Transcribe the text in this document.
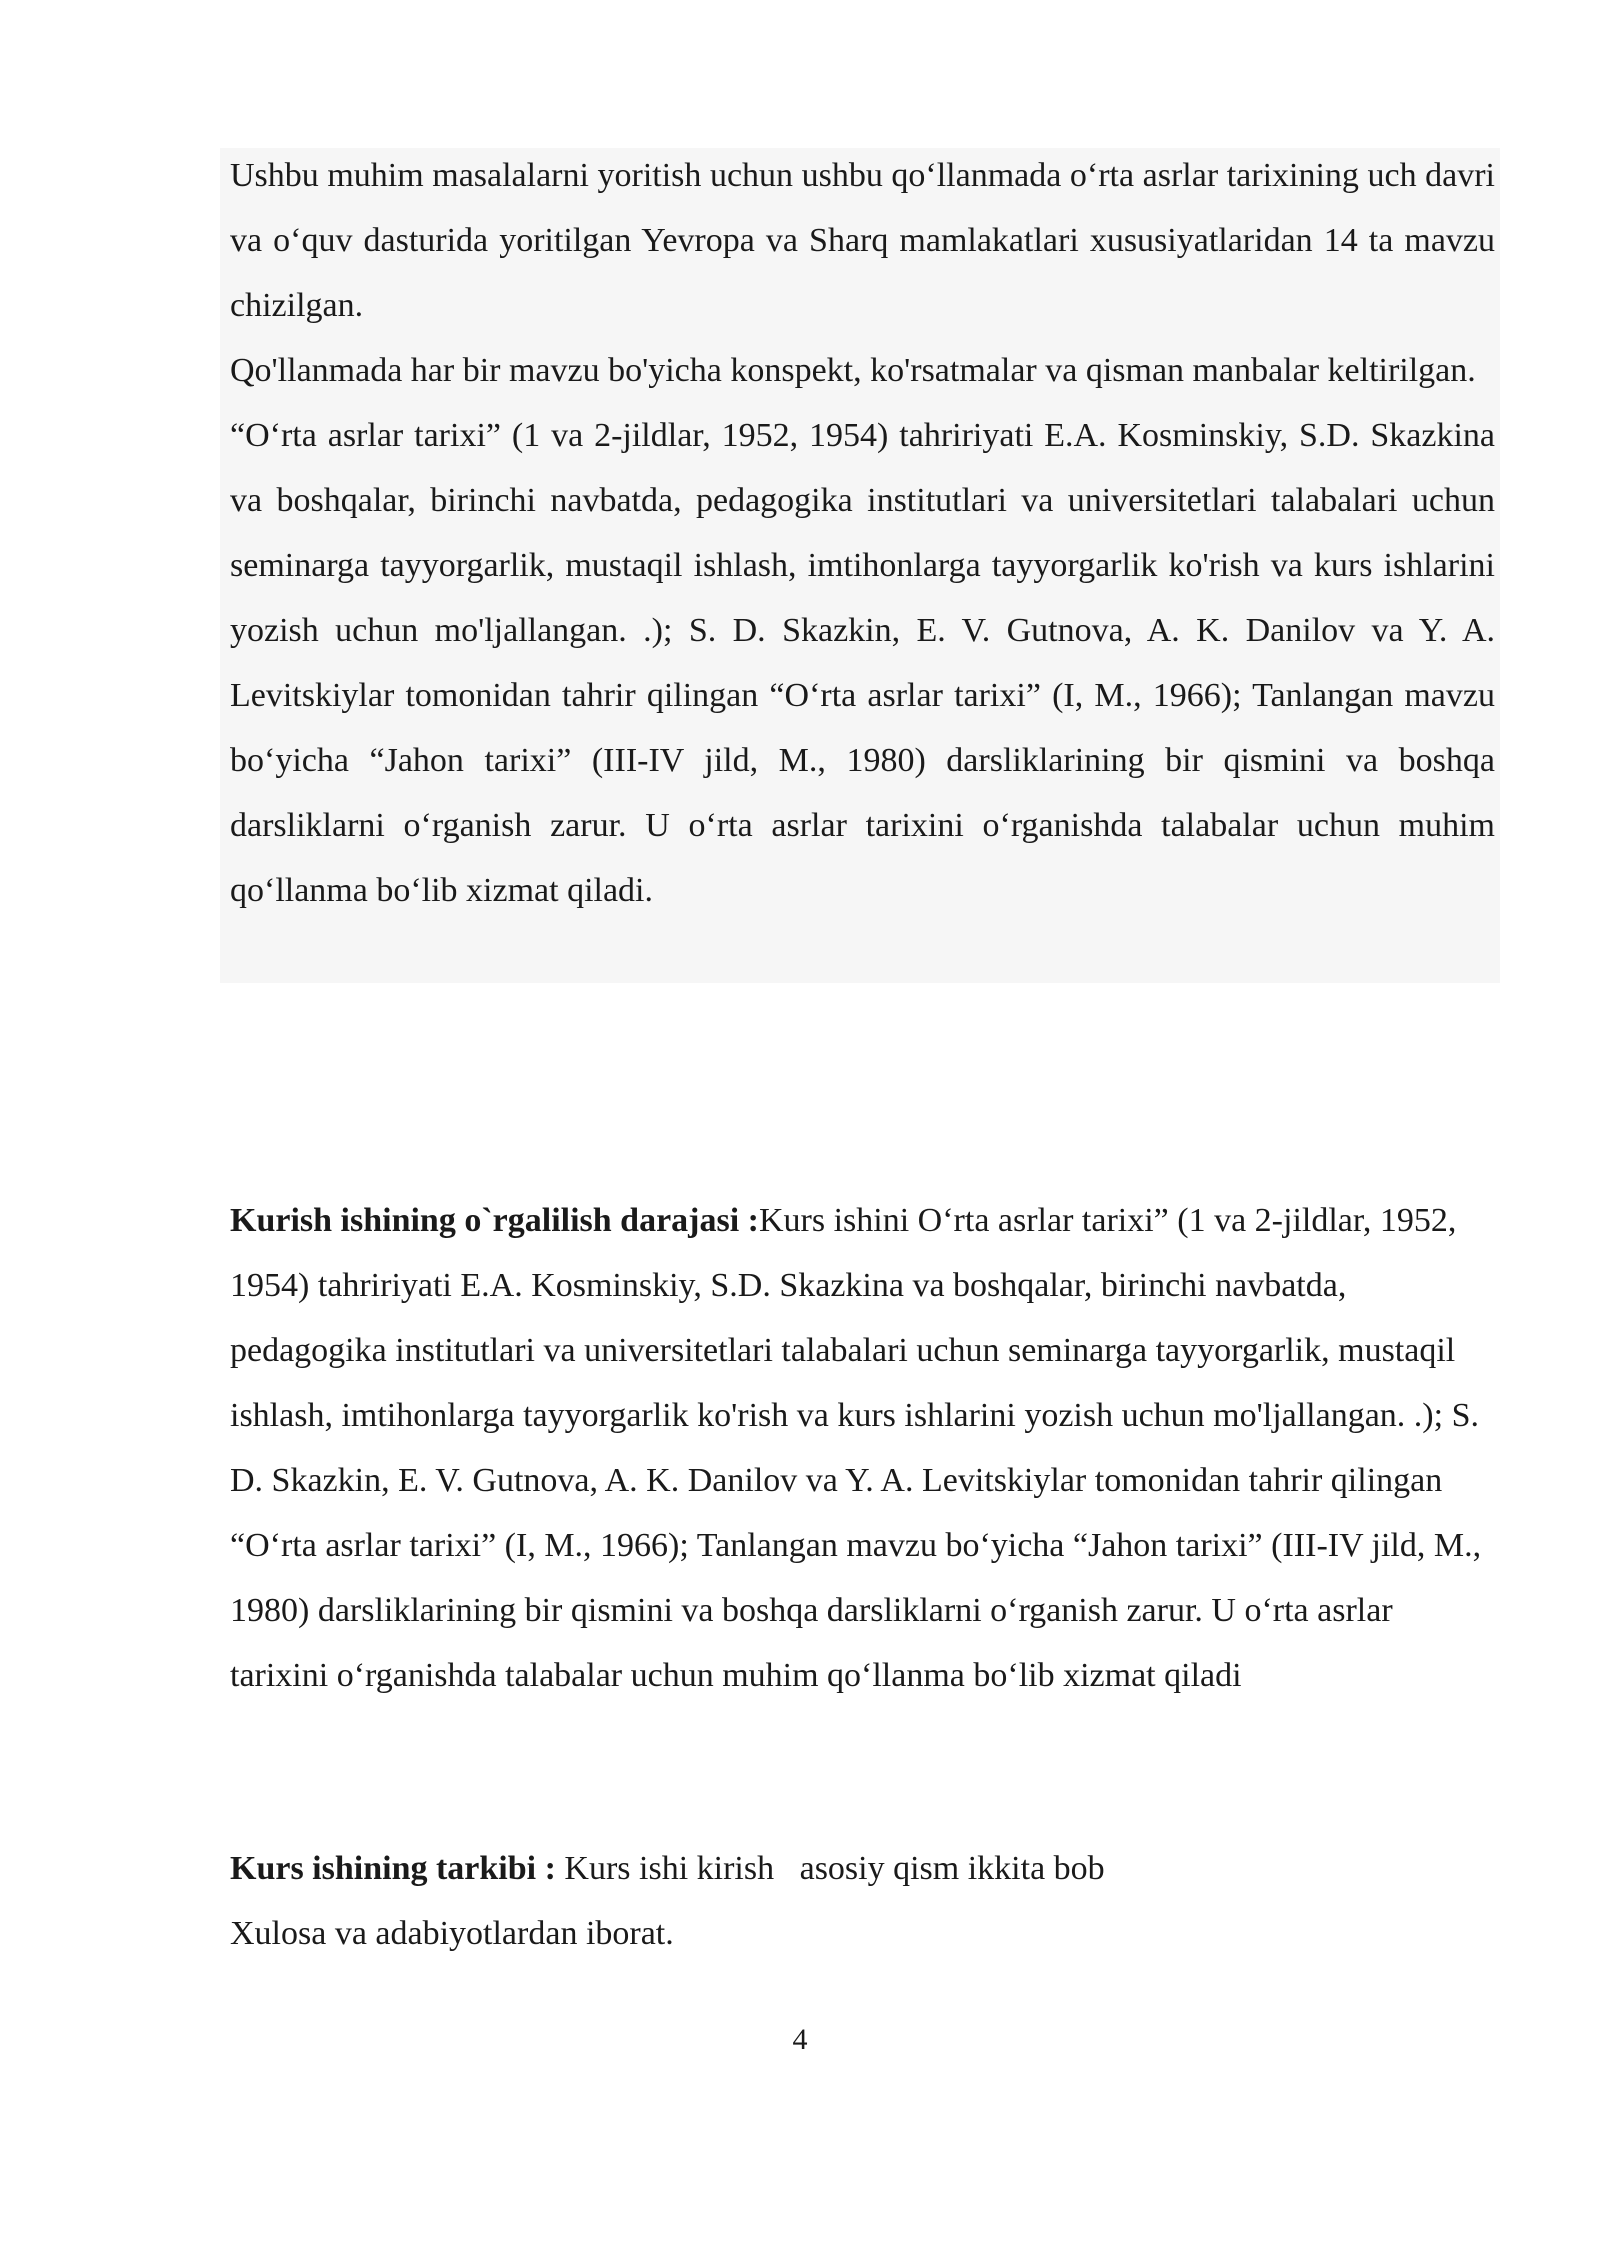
Ushbu muhim masalalarni yoritish uchun ushbu qo‘llanmada o‘rta asrlar tarixining uch davri va o‘quv dasturida yoritilgan Yevropa va Sharq mamlakatlari xususiyatlaridan 14 ta mavzu chizilgan.

Qo'llanmada har bir mavzu bo'yicha konspekt, ko'rsatmalar va qisman manbalar keltirilgan.

“O‘rta asrlar tarixi” (1 va 2-jildlar, 1952, 1954) tahririyati E.A. Kosminskiy, S.D. Skazkina va boshqalar, birinchi navbatda, pedagogika institutlari va universitetlari talabalari uchun seminarga tayyorgarlik, mustaqil ishlash, imtihonlarga tayyorgarlik ko'rish va kurs ishlarini yozish uchun mo'ljallangan. .); S. D. Skazkin, E. V. Gutnova, A. K. Danilov va Y. A. Levitskiylar tomonidan tahrir qilingan “O‘rta asrlar tarixi” (I, M., 1966); Tanlangan mavzu bo‘yicha “Jahon tarixi” (III-IV jild, M., 1980) darsliklarining bir qismini va boshqa darsliklarni o‘rganish zarur. U o‘rta asrlar tarixini o‘rganishda talabalar uchun muhim qo‘llanma bo‘lib xizmat qiladi.

Kurish ishining o`rgalilish darajasi :Kurs ishini O‘rta asrlar tarixi” (1 va 2-jildlar, 1952, 1954) tahririyati E.A. Kosminskiy, S.D. Skazkina va boshqalar, birinchi navbatda, pedagogika institutlari va universitetlari talabalari uchun seminarga tayyorgarlik, mustaqil ishlash, imtihonlarga tayyorgarlik ko'rish va kurs ishlarini yozish uchun mo'ljallangan. .); S. D. Skazkin, E. V. Gutnova, A. K. Danilov va Y. A. Levitskiylar tomonidan tahrir qilingan “O‘rta asrlar tarixi” (I, M., 1966); Tanlangan mavzu bo‘yicha “Jahon tarixi” (III-IV jild, M., 1980) darsliklarining bir qismini va boshqa darsliklarni o‘rganish zarur. U o‘rta asrlar tarixini o‘rganishda talabalar uchun muhim qo‘llanma bo‘lib xizmat qiladi

Kurs ishining tarkibi : Kurs ishi kirish   asosiy qism ikkita bob

Xulosa va adabiyotlardan iborat.

4
